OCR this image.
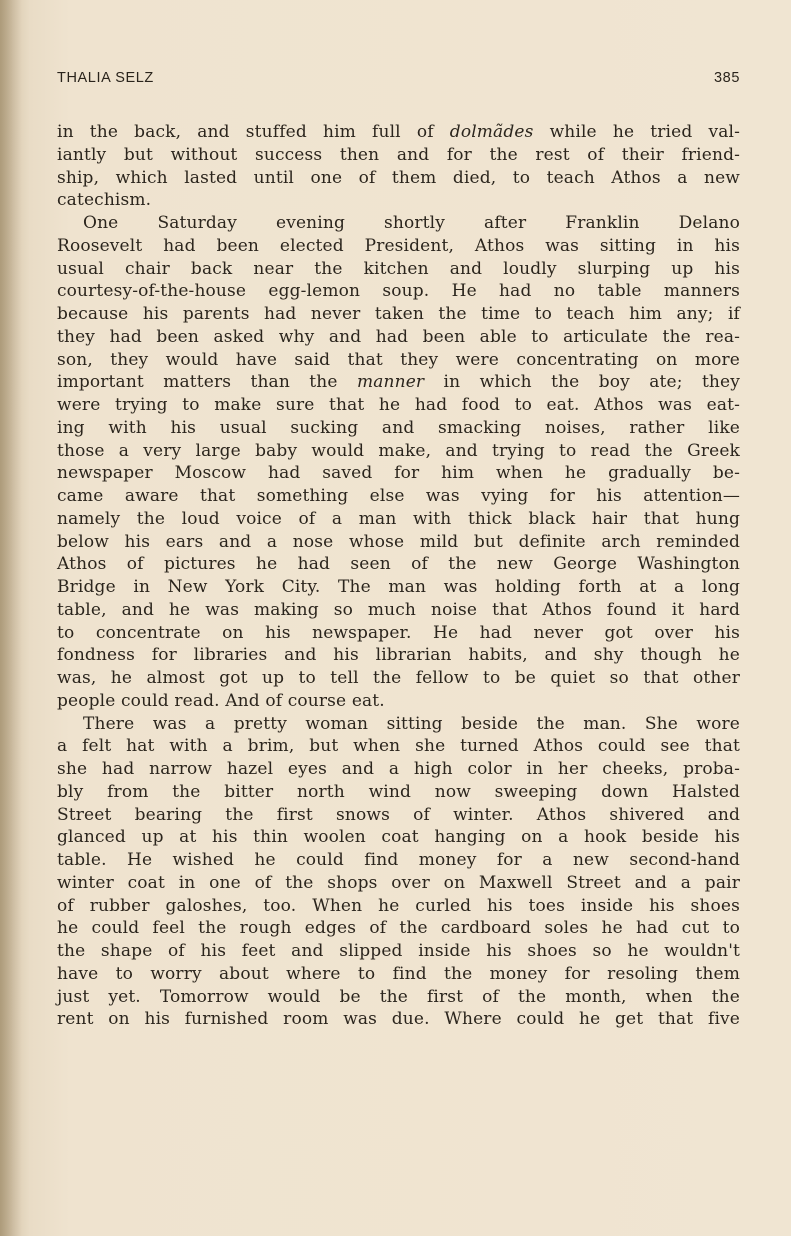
THALIA SELZ	385
in the back, and stuffed him full of dolmãdes while he tried val-
iantly but without success then and for the rest of their friend-
ship, which lasted until one of them died, to teach Athos a new
catechism.
One Saturday evening shortly after Franklin Delano
Roosevelt had been elected President, Athos was sitting in his
usual chair back near the kitchen and loudly slurping up his
courtesy-of-the-house egg-lemon soup. He had no table manners
because his parents had never taken the time to teach him any; if
they had been asked why and had been able to articulate the rea-
son, they would have said that they were concentrating on more
important matters than the manner in which the boy ate; they
were trying to make sure that he had food to eat. Athos was eat-
ing with his usual sucking and smacking noises, rather like
those a very large baby would make, and trying to read the Greek
newspaper Moscow had saved for him when he gradually be-
came aware that something else was vying for his attention—
namely the loud voice of a man with thick black hair that hung
below his ears and a nose whose mild but definite arch reminded
Athos of pictures he had seen of the new George Washington
Bridge in New York City. The man was holding forth at a long
table, and he was making so much noise that Athos found it hard
to concentrate on his newspaper. He had never got over his
fondness for libraries and his librarian habits, and shy though he
was, he almost got up to tell the fellow to be quiet so that other
people could read. And of course eat.
There was a pretty woman sitting beside the man. She wore
a felt hat with a brim, but when she turned Athos could see that
she had narrow hazel eyes and a high color in her cheeks, proba-
bly from the bitter north wind now sweeping down Halsted
Street bearing the first snows of winter. Athos shivered and
glanced up at his thin woolen coat hanging on a hook beside his
table. He wished he could find money for a new second-hand
winter coat in one of the shops over on Maxwell Street and a pair
of rubber galoshes, too. When he curled his toes inside his shoes
he could feel the rough edges of the cardboard soles he had cut to
the shape of his feet and slipped inside his shoes so he wouldn't
have to worry about where to find the money for resoling them
just yet. Tomorrow would be the first of the month, when the
rent on his furnished room was due. Where could he get that five
